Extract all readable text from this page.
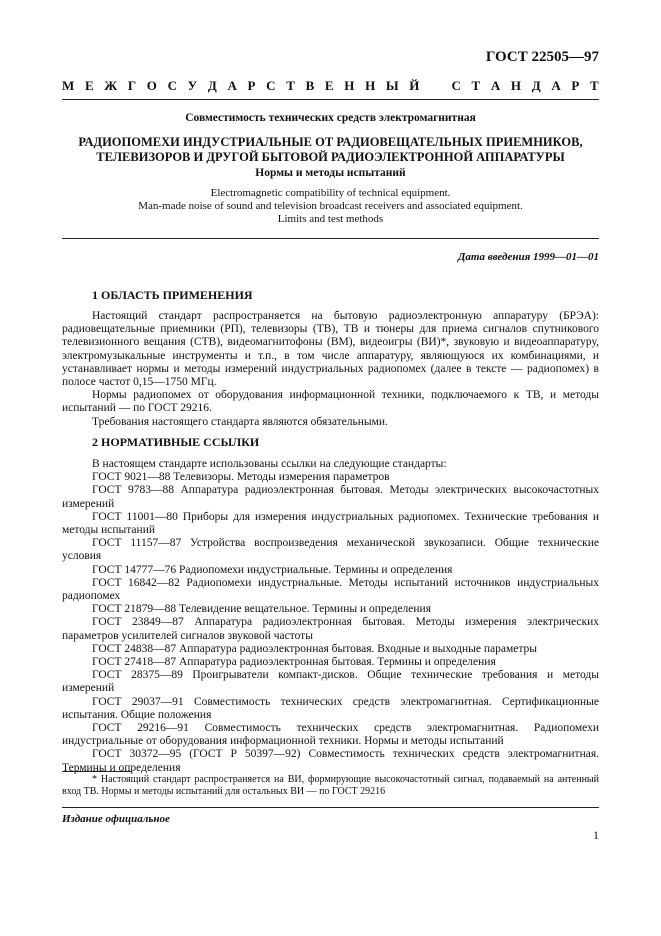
ГОСТ 22505—97
М Е Ж Г О С У Д А Р С Т В Е Н Н Ы Й С Т А Н Д А Р Т
Совместимость технических средств электромагнитная
РАДИОПОМЕХИ ИНДУСТРИАЛЬНЫЕ ОТ РАДИОВЕЩАТЕЛЬНЫХ ПРИЕМНИКОВ, ТЕЛЕВИЗОРОВ И ДРУГОЙ БЫТОВОЙ РАДИОЭЛЕКТРОННОЙ АППАРАТУРЫ
Нормы и методы испытаний
Electromagnetic compatibility of technical equipment.
Man-made noise of sound and television broadcast receivers and associated equipment.
Limits and test methods
Дата введения 1999—01—01
1 ОБЛАСТЬ ПРИМЕНЕНИЯ

Настоящий стандарт распространяется на бытовую радиоэлектронную аппаратуру (БРЭА): радиовещательные приемники (РП), телевизоры (ТВ), ТВ и тюнеры для приема сигналов спутникового телевизионного вещания (СТВ), видеомагнитофоны (ВМ), видеоигры (ВИ)*, звуковую и видеоаппаратуру, электромузыкальные инструменты и т.п., в том числе аппаратуру, являющуюся их комбинациями, и устанавливает нормы и методы измерений индустриальных радиопомех (далее в тексте — радиопомех) в полосе частот 0,15—1750 МГц.

Нормы радиопомех от оборудования информационной техники, подключаемого к ТВ, и методы испытаний — по ГОСТ 29216.

Требования настоящего стандарта являются обязательными.

2 НОРМАТИВНЫЕ ССЫЛКИ

В настоящем стандарте использованы ссылки на следующие стандарты:

ГОСТ 9021—88 Телевизоры. Методы измерения параметров

ГОСТ 9783—88 Аппаратура радиоэлектронная бытовая. Методы электрических высокочастотных измерений

ГОСТ 11001—80 Приборы для измерения индустриальных радиопомех. Технические требования и методы испытаний

ГОСТ 11157—87 Устройства воспроизведения механической звукозаписи. Общие технические условия

ГОСТ 14777—76 Радиопомехи индустриальные. Термины и определения

ГОСТ 16842—82 Радиопомехи индустриальные. Методы испытаний источников индустриальных радиопомех

ГОСТ 21879—88 Телевидение вещательное. Термины и определения

ГОСТ 23849—87 Аппаратура радиоэлектронная бытовая. Методы измерения электрических параметров усилителей сигналов звуковой частоты

ГОСТ 24838—87 Аппаратура радиоэлектронная бытовая. Входные и выходные параметры

ГОСТ 27418—87 Аппаратура радиоэлектронная бытовая. Термины и определения

ГОСТ 28375—89 Проигрыватели компакт-дисков. Общие технические требования и методы измерений

ГОСТ 29037—91 Совместимость технических средств электромагнитная. Сертификационные испытания. Общие положения

ГОСТ 29216—91 Совместимость технических средств электромагнитная. Радиопомехи индустриальные от оборудования информационной техники. Нормы и методы испытаний

ГОСТ 30372—95 (ГОСТ Р 50397—92) Совместимость технических средств электромагнитная. Термины и определения

* Настоящий стандарт распространяется на ВИ, формирующие высокочастотный сигнал, подаваемый на антенный вход ТВ. Нормы и методы испытаний для остальных ВИ — по ГОСТ 29216

Издание официальное
1
